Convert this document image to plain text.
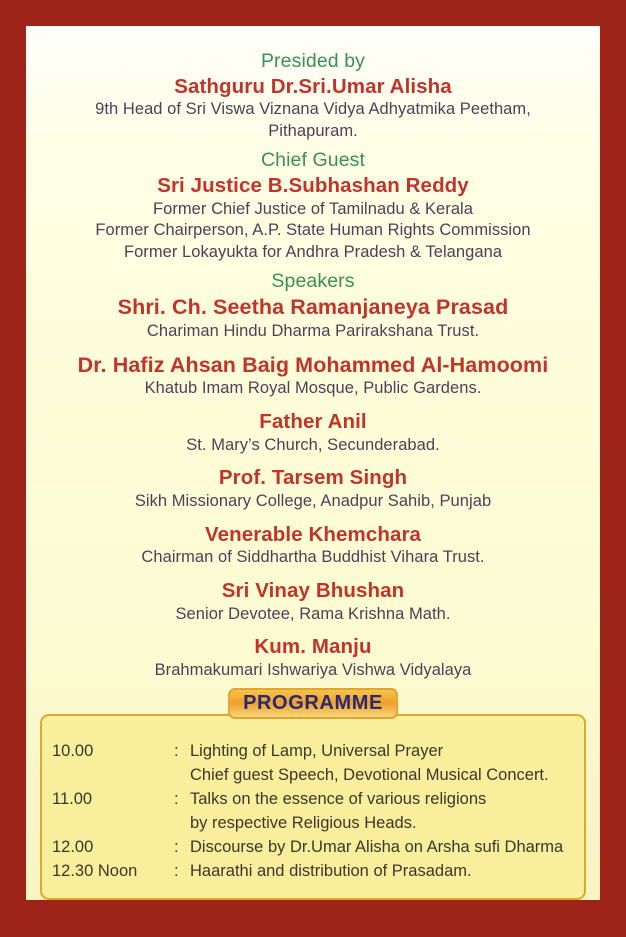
Presided by
Sathguru Dr.Sri.Umar Alisha
9th Head of Sri Viswa Viznana Vidya Adhyatmika Peetham,
Pithapuram.
Chief Guest
Sri Justice B.Subhashan Reddy
Former Chief Justice of Tamilnadu & Kerala
Former Chairperson, A.P. State Human Rights Commission
Former Lokayukta for Andhra Pradesh & Telangana
Speakers
Shri. Ch. Seetha Ramanjaneya Prasad
Chariman Hindu Dharma Parirakshana Trust.
Dr. Hafiz Ahsan Baig Mohammed Al-Hamoomi
Khatub Imam Royal Mosque, Public Gardens.
Father Anil
St. Mary’s Church, Secunderabad.
Prof. Tarsem Singh
Sikh Missionary College, Anadpur Sahib, Punjab
Venerable Khemchara
Chairman of Siddhartha Buddhist Vihara Trust.
Sri Vinay Bhushan
Senior Devotee, Rama Krishna Math.
Kum. Manju
Brahmakumari Ishwariya Vishwa Vidyalaya
PROGRAMME
10.00	:	Lighting of Lamp, Universal Prayer
		Chief guest Speech, Devotional Musical Concert.
11.00	:	Talks on the essence of various religions
		by respective Religious Heads.
12.00	:	Discourse by Dr.Umar Alisha on Arsha sufi Dharma
12.30 Noon	:	Haarathi and distribution of Prasadam.
